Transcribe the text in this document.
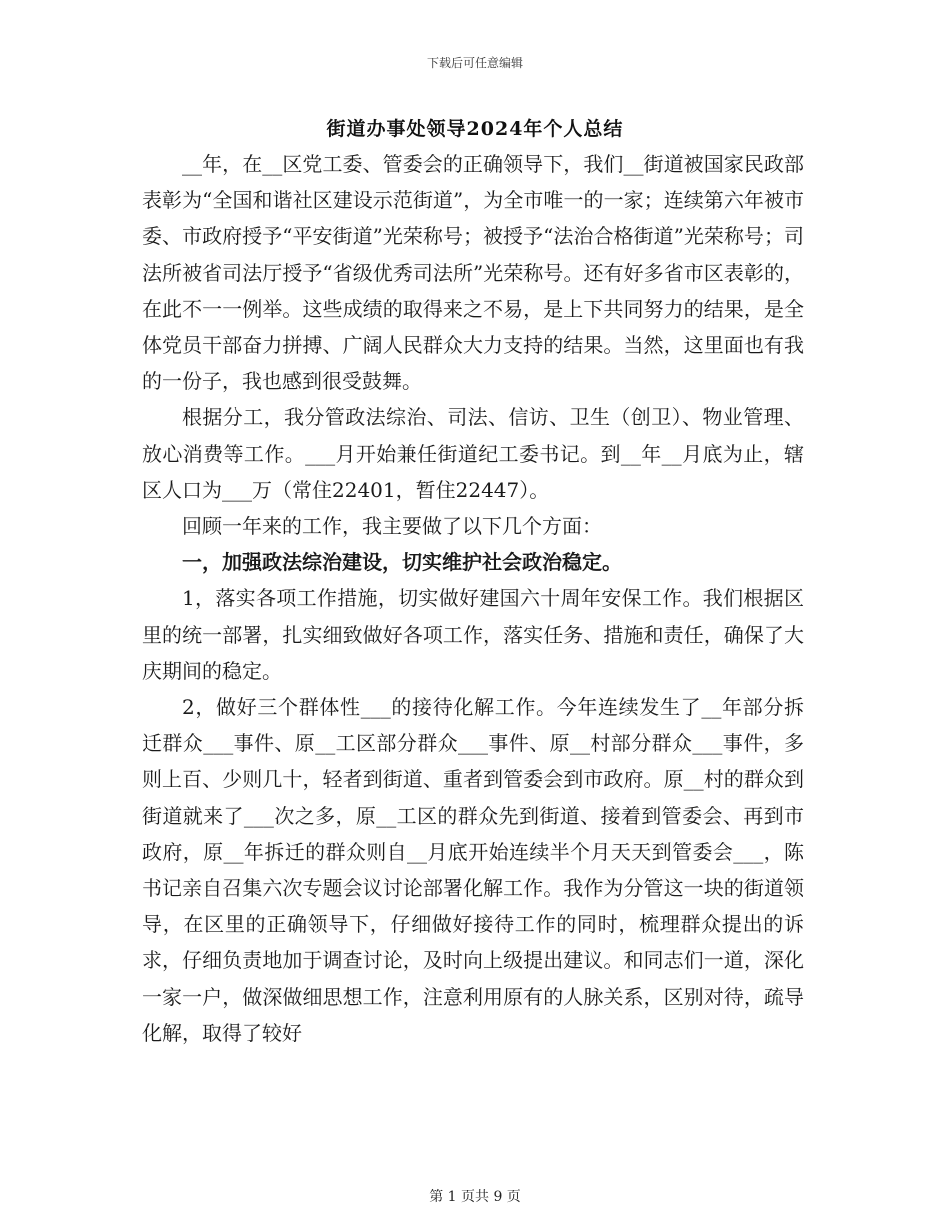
下载后可任意编辑
街道办事处领导2024年个人总结

__年，在__区党工委、管委会的正确领导下，我们__街道被国家民政部表彰为“全国和谐社区建设示范街道”，为全市唯一的一家；连续第六年被市委、市政府授予“平安街道”光荣称号；被授予“法治合格街道”光荣称号；司法所被省司法厅授予“省级优秀司法所”光荣称号。还有好多省市区表彰的，在此不一一例举。这些成绩的取得来之不易，是上下共同努力的结果，是全体党员干部奋力拼搏、广阔人民群众大力支持的结果。当然，这里面也有我的一份子，我也感到很受鼓舞。

根据分工，我分管政法综治、司法、信访、卫生（创卫）、物业管理、放心消费等工作。___月开始兼任街道纪工委书记。到__年__月底为止，辖区人口为___万（常住22401，暂住22447）。

回顾一年来的工作，我主要做了以下几个方面：

一，加强政法综治建设，切实维护社会政治稳定。

1，落实各项工作措施，切实做好建国六十周年安保工作。我们根据区里的统一部署，扎实细致做好各项工作，落实任务、措施和责任，确保了大庆期间的稳定。

2，做好三个群体性___的接待化解工作。今年连续发生了__年部分拆迁群众___事件、原__工区部分群众___事件、原__村部分群众___事件，多则上百、少则几十，轻者到街道、重者到管委会到市政府。原__村的群众到街道就来了___次之多，原__工区的群众先到街道、接着到管委会、再到市政府，原__年拆迁的群众则自__月底开始连续半个月天天到管委会___，陈书记亲自召集六次专题会议讨论部署化解工作。我作为分管这一块的街道领导，在区里的正确领导下，仔细做好接待工作的同时，梳理群众提出的诉求，仔细负责地加于调查讨论，及时向上级提出建议。和同志们一道，深化一家一户，做深做细思想工作，注意利用原有的人脉关系，区别对待，疏导化解，取得了较好

第 1 页共 9 页
